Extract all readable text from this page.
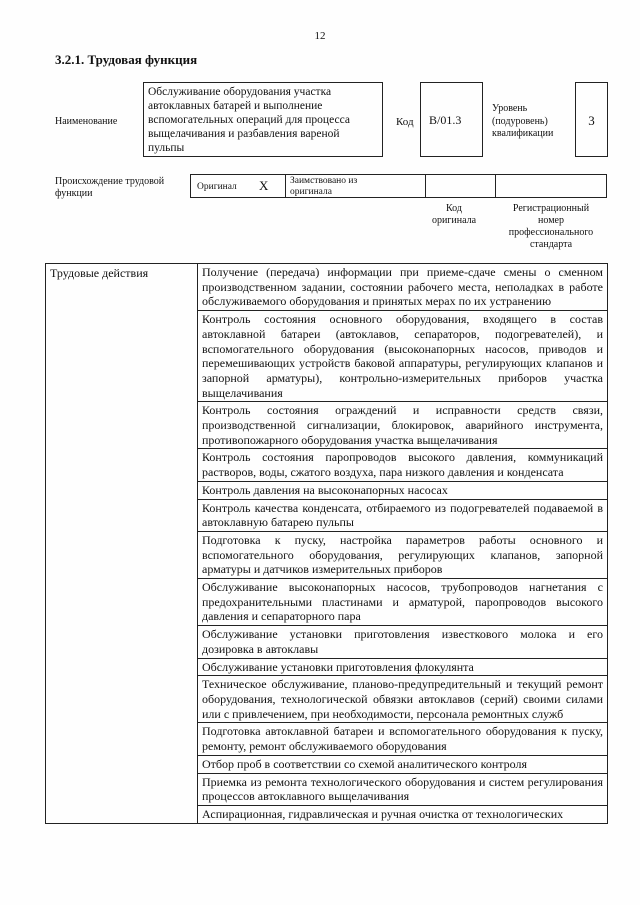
12
3.2.1. Трудовая функция
Наименование
Обслуживание оборудования участка автоклавных батарей и выполнение вспомогательных операций для процесса выщелачивания и разбавления вареной пульпы
Код	B/01.3
Уровень
(подуровень)
квалификации
3
Происхождение трудовой
функции
Оригинал X Заимствовано из
оригинала
Код
оригинала
Регистрационный
номер
профессионального
стандарта
Трудовые действия	Получение (передача) информации при приеме-сдаче смены о сменном производственном задании, состоянии рабочего места, неполадках в работе обслуживаемого оборудования и принятых мерах по их устранению
Контроль состояния основного оборудования, входящего в состав автоклавной батареи (автоклавов, сепараторов, подогревателей), и вспомогательного оборудования (высоконапорных насосов, приводов и перемешивающих устройств баковой аппаратуры, регулирующих клапанов и запорной арматуры), контрольно-измерительных приборов участка выщелачивания
Контроль состояния ограждений и исправности средств связи, производственной сигнализации, блокировок, аварийного инструмента, противопожарного оборудования участка выщелачивания
Контроль состояния паропроводов высокого давления, коммуникаций растворов, воды, сжатого воздуха, пара низкого давления и конденсата
Контроль давления на высоконапорных насосах
Контроль качества конденсата, отбираемого из подогревателей подаваемой в автоклавную батарею пульпы
Подготовка к пуску, настройка параметров работы основного и вспомогательного оборудования, регулирующих клапанов, запорной арматуры и датчиков измерительных приборов
Обслуживание высоконапорных насосов, трубопроводов нагнетания с предохранительными пластинами и арматурой, паропроводов высокого давления и сепараторного пара
Обслуживание установки приготовления известкового молока и его дозировка в автоклавы
Обслуживание установки приготовления флокулянта
Техническое обслуживание, планово-предупредительный и текущий ремонт оборудования, технологической обвязки автоклавов (серий) своими силами или с привлечением, при необходимости, персонала ремонтных служб
Подготовка автоклавной батареи и вспомогательного оборудования к пуску, ремонту, ремонт обслуживаемого оборудования
Отбор проб в соответствии со схемой аналитического контроля
Приемка из ремонта технологического оборудования и систем регулирования процессов автоклавного выщелачивания
Аспирационная, гидравлическая и ручная очистка от технологических
